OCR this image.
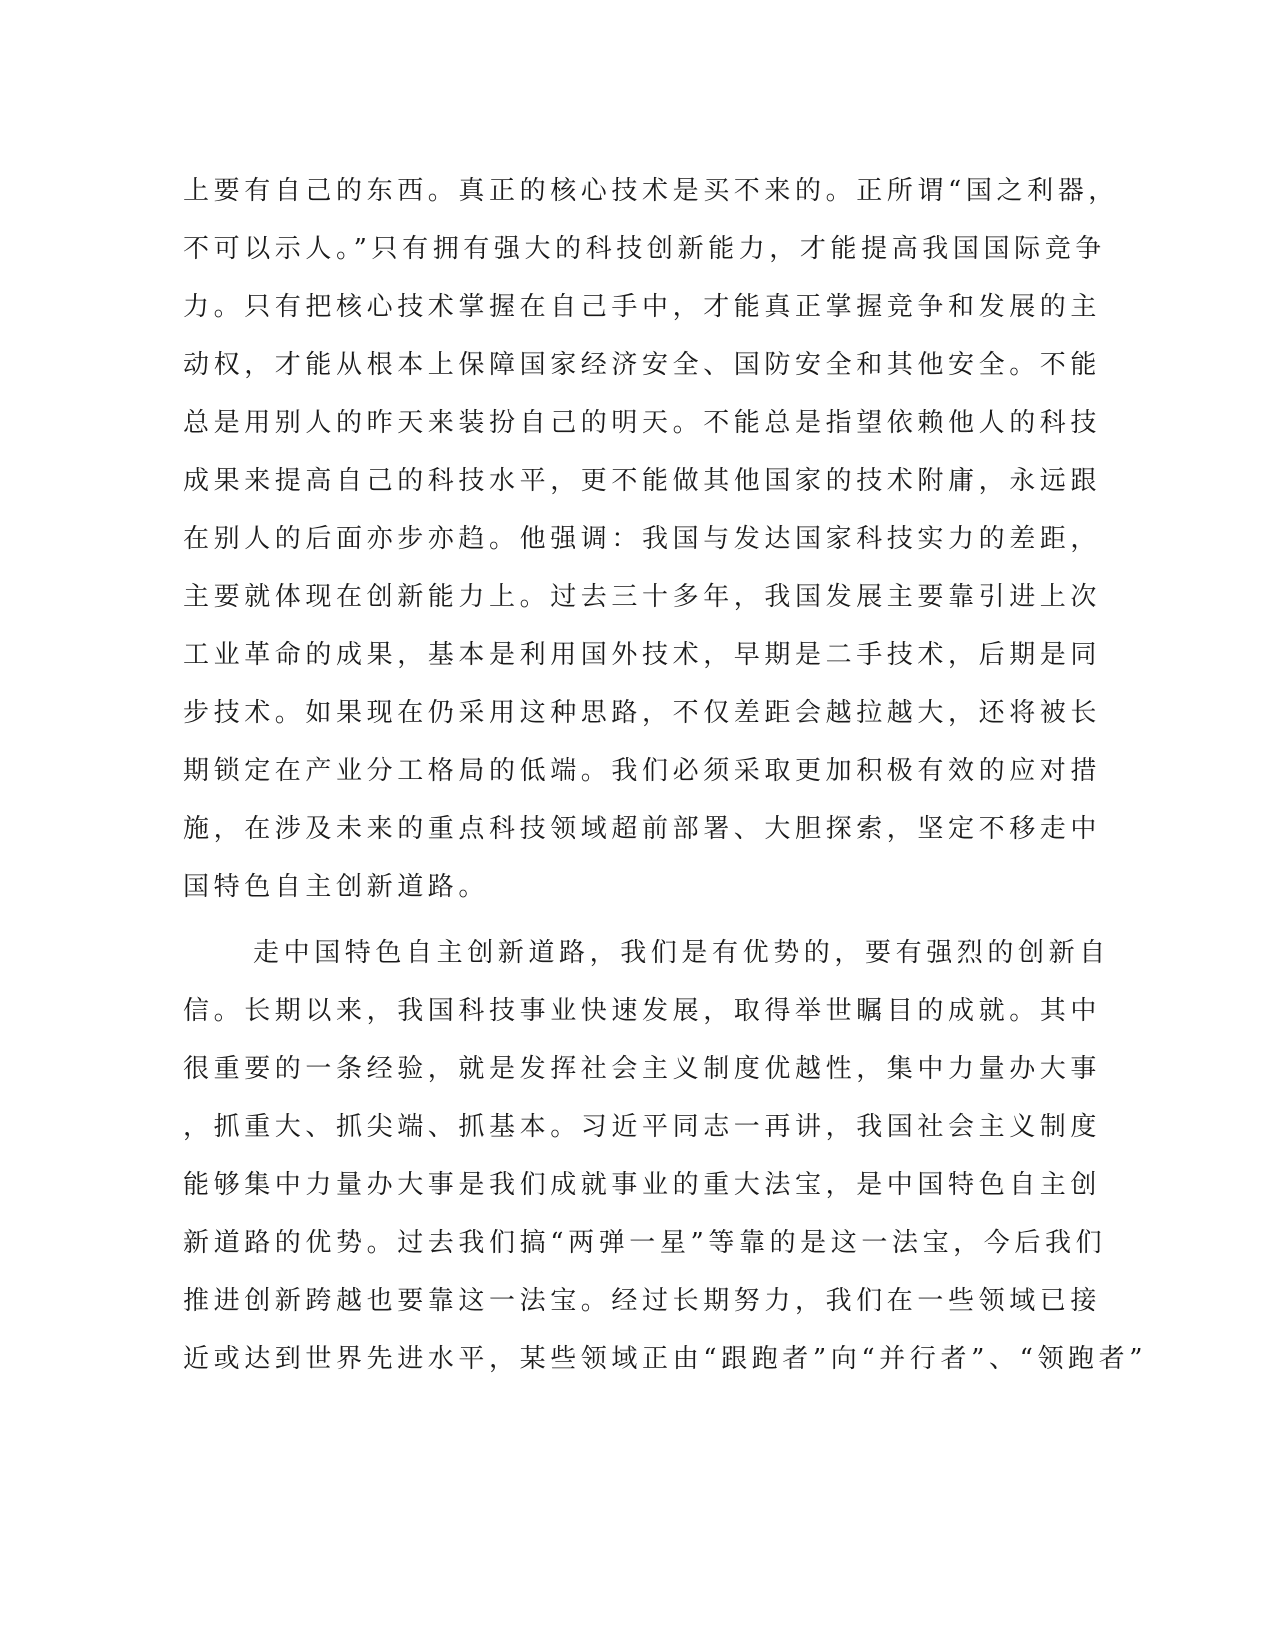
上要有自己的东西。真正的核心技术是买不来的。正所谓“国之利器，
不可以示人。”只有拥有强大的科技创新能力，才能提高我国国际竞争
力。只有把核心技术掌握在自己手中，才能真正掌握竞争和发展的主
动权，才能从根本上保障国家经济安全、国防安全和其他安全。不能
总是用别人的昨天来装扮自己的明天。不能总是指望依赖他人的科技
成果来提高自己的科技水平，更不能做其他国家的技术附庸，永远跟
在别人的后面亦步亦趋。他强调：我国与发达国家科技实力的差距，
主要就体现在创新能力上。过去三十多年，我国发展主要靠引进上次
工业革命的成果，基本是利用国外技术，早期是二手技术，后期是同
步技术。如果现在仍采用这种思路，不仅差距会越拉越大，还将被长
期锁定在产业分工格局的低端。我们必须采取更加积极有效的应对措
施，在涉及未来的重点科技领域超前部署、大胆探索，坚定不移走中
国特色自主创新道路。
走中国特色自主创新道路，我们是有优势的，要有强烈的创新自
信。长期以来，我国科技事业快速发展，取得举世瞩目的成就。其中
很重要的一条经验，就是发挥社会主义制度优越性，集中力量办大事
，抓重大、抓尖端、抓基本。习近平同志一再讲，我国社会主义制度
能够集中力量办大事是我们成就事业的重大法宝，是中国特色自主创
新道路的优势。过去我们搞“两弹一星”等靠的是这一法宝，今后我们
推进创新跨越也要靠这一法宝。经过长期努力，我们在一些领域已接
近或达到世界先进水平，某些领域正由“跟跑者”向“并行者”、“领跑者”
